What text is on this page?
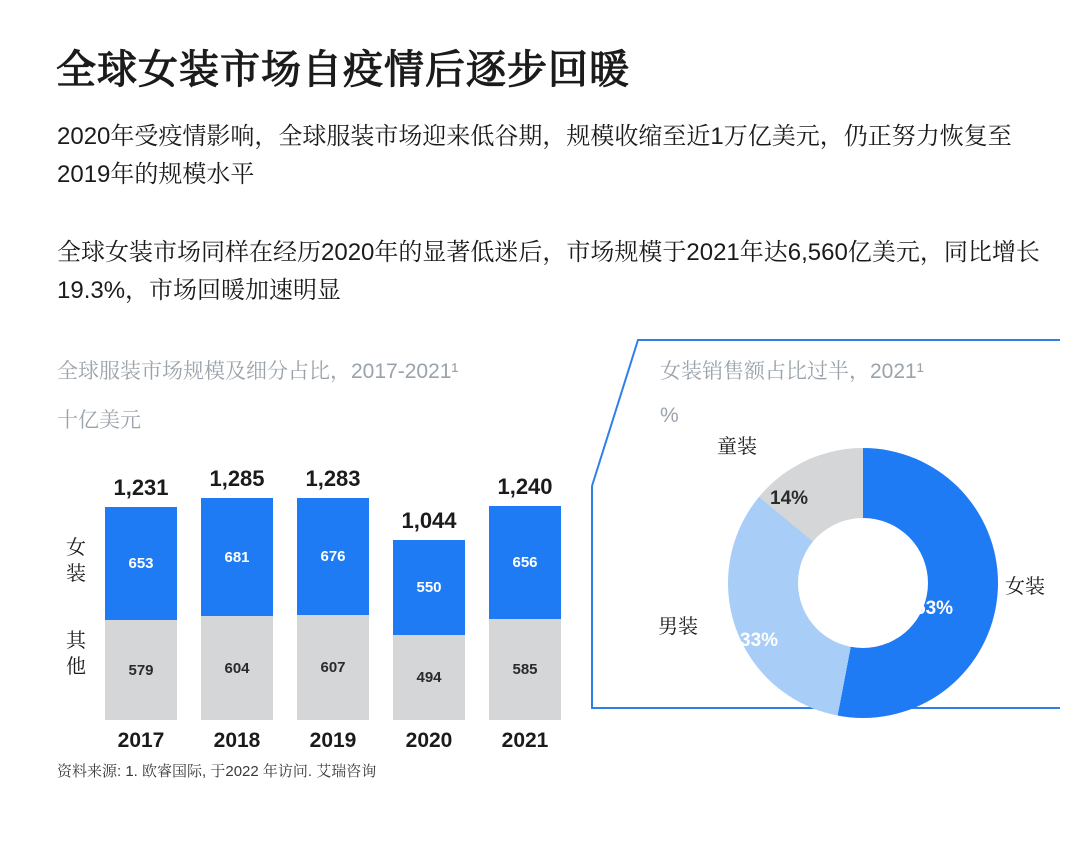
全球女装市场自疫情后逐步回暖
2020年受疫情影响，全球服装市场迎来低谷期，规模收缩至近1万亿美元，仍正努力恢复至2019年的规模水平
全球女装市场同样在经历2020年的显著低迷后，市场规模于2021年达6,560亿美元，同比增长19.3%，市场回暖加速明显
全球服装市场规模及细分占比，2017-2021¹
十亿美元
女装销售额占比过半，2021¹
%
女
装
其
他
1,231
653
579
2017
1,285
681
604
2018
1,283
676
607
2019
1,044
550
494
2020
1,240
656
585
2021
53%
女装
33%
男装
14%
童装
资料来源: 1. 欧睿国际, 于2022 年访问. 艾瑞咨询
